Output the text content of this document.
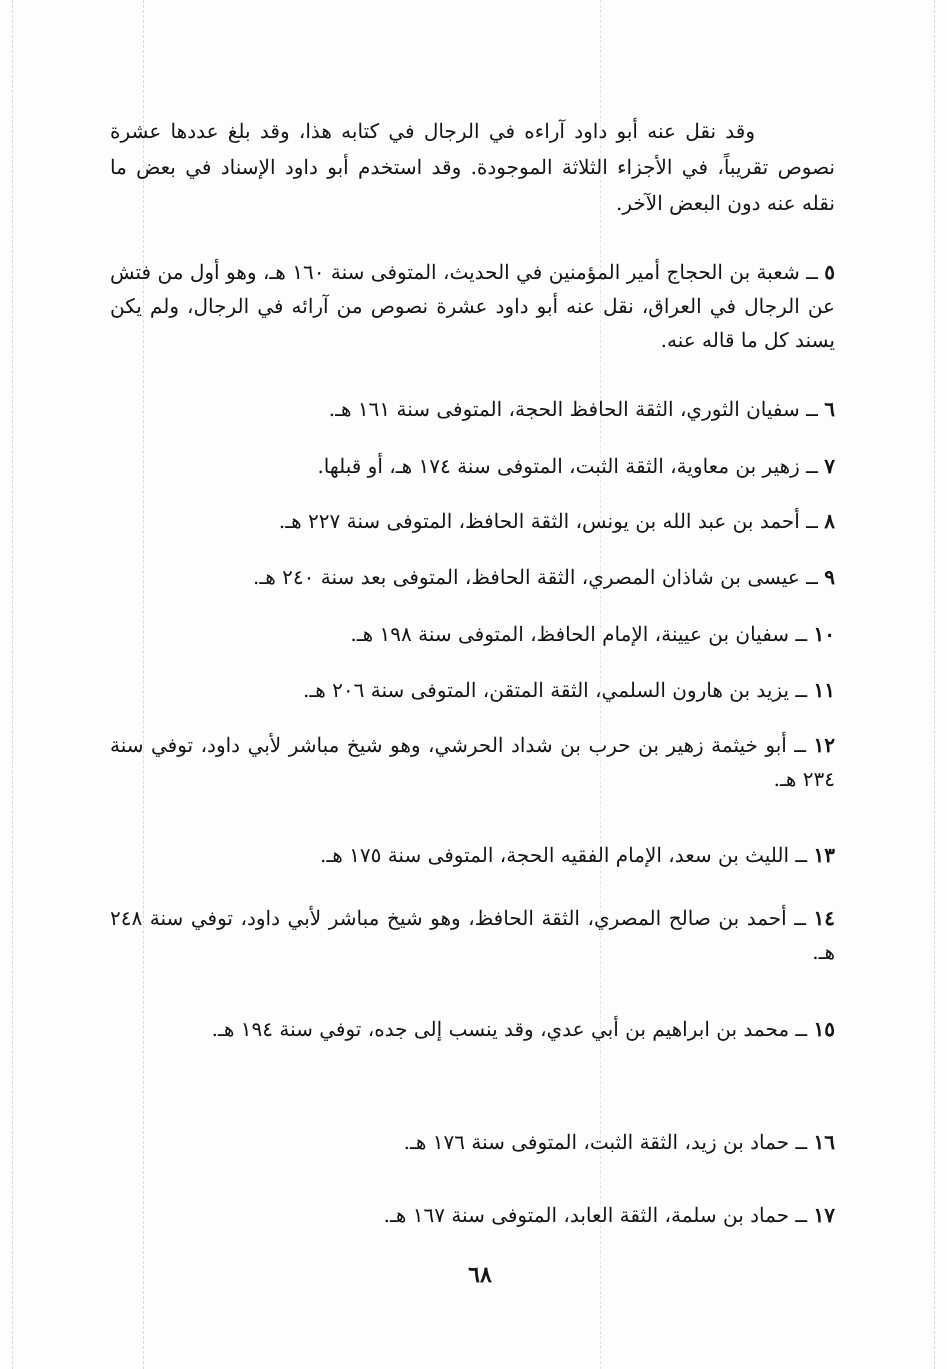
وقد نقل عنه أبو داود آراءه في الرجال في كتابه هذا، وقد بلغ عددها عشرة نصوص تقريباً، في الأجزاء الثلاثة الموجودة. وقد استخدم أبو داود الإسناد في بعض ما نقله عنه دون البعض الآخر.

٥ ــ شعبة بن الحجاج أمير المؤمنين في الحديث، المتوفى سنة ١٦٠ هـ، وهو أول من فتش عن الرجال في العراق، نقل عنه أبو داود عشرة نصوص من آرائه في الرجال، ولم يكن يسند كل ما قاله عنه.
٦ ــ سفيان الثوري، الثقة الحافظ الحجة، المتوفى سنة ١٦١ هـ.
٧ ــ زهير بن معاوية، الثقة الثبت، المتوفى سنة ١٧٤ هـ، أو قبلها.
٨ ــ أحمد بن عبد الله بن يونس، الثقة الحافظ، المتوفى سنة ٢٢٧ هـ.
٩ ــ عيسى بن شاذان المصري، الثقة الحافظ، المتوفى بعد سنة ٢٤٠ هـ.
١٠ ــ سفيان بن عيينة، الإمام الحافظ، المتوفى سنة ١٩٨ هـ.
١١ ــ يزيد بن هارون السلمي، الثقة المتقن، المتوفى سنة ٢٠٦ هـ.
١٢ ــ أبو خيثمة زهير بن حرب بن شداد الحرشي، وهو شيخ مباشر لأبي داود، توفي سنة ٢٣٤ هـ.
١٣ ــ الليث بن سعد، الإمام الفقيه الحجة، المتوفى سنة ١٧٥ هـ.
١٤ ــ أحمد بن صالح المصري، الثقة الحافظ، وهو شيخ مباشر لأبي داود، توفي سنة ٢٤٨ هـ.
١٥ ــ محمد بن ابراهيم بن أبي عدي، وقد ينسب إلى جده، توفي سنة ١٩٤ هـ.
١٦ ــ حماد بن زيد، الثقة الثبت، المتوفى سنة ١٧٦ هـ.
١٧ ــ حماد بن سلمة، الثقة العابد، المتوفى سنة ١٦٧ هـ.
٦٨
